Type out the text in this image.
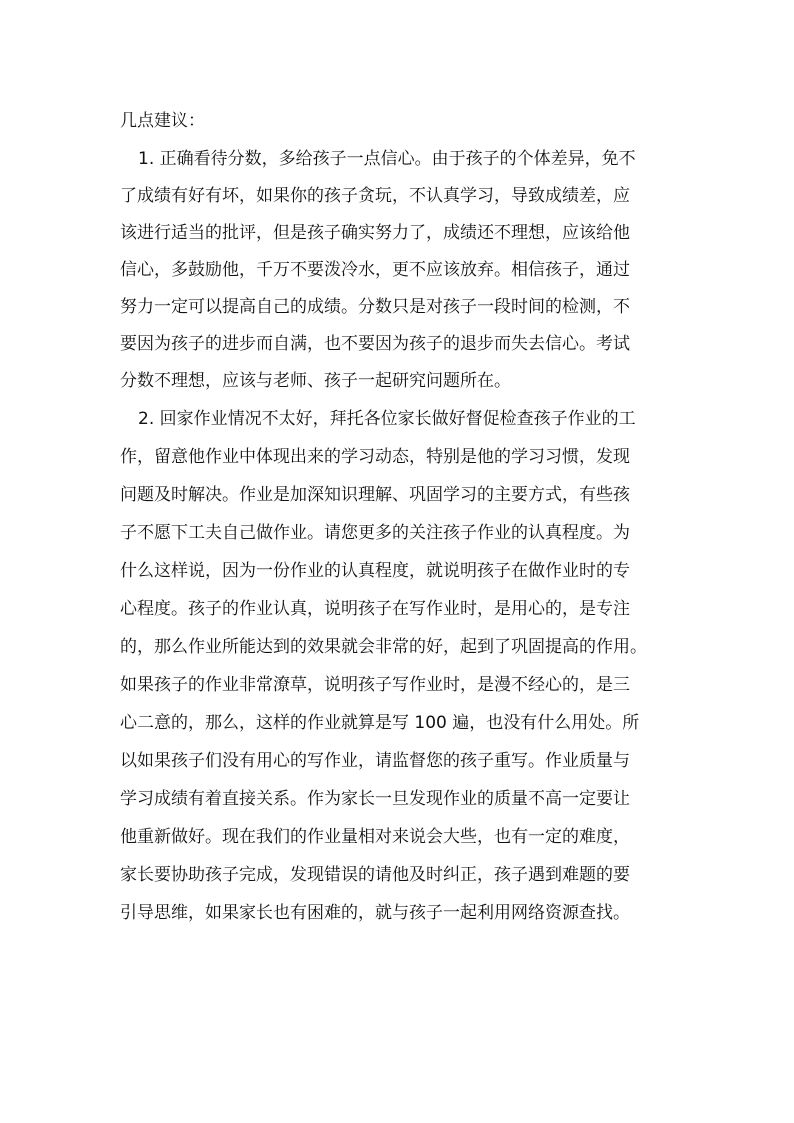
几点建议：
1. 正确看待分数，多给孩子一点信心。由于孩子的个体差异，免不
了成绩有好有坏，如果你的孩子贪玩，不认真学习，导致成绩差，应
该进行适当的批评，但是孩子确实努力了，成绩还不理想，应该给他
信心，多鼓励他，千万不要泼冷水，更不应该放弃。相信孩子，通过
努力一定可以提高自己的成绩。分数只是对孩子一段时间的检测，不
要因为孩子的进步而自满，也不要因为孩子的退步而失去信心。考试
分数不理想，应该与老师、孩子一起研究问题所在。
2. 回家作业情况不太好，拜托各位家长做好督促检查孩子作业的工
作，留意他作业中体现出来的学习动态，特别是他的学习习惯，发现
问题及时解决。作业是加深知识理解、巩固学习的主要方式，有些孩
子不愿下工夫自己做作业。请您更多的关注孩子作业的认真程度。为
什么这样说，因为一份作业的认真程度，就说明孩子在做作业时的专
心程度。孩子的作业认真，说明孩子在写作业时，是用心的，是专注
的，那么作业所能达到的效果就会非常的好，起到了巩固提高的作用。
如果孩子的作业非常潦草，说明孩子写作业时，是漫不经心的，是三
心二意的，那么，这样的作业就算是写 100 遍，也没有什么用处。所
以如果孩子们没有用心的写作业，请监督您的孩子重写。作业质量与
学习成绩有着直接关系。作为家长一旦发现作业的质量不高一定要让
他重新做好。现在我们的作业量相对来说会大些，也有一定的难度，
家长要协助孩子完成，发现错误的请他及时纠正，孩子遇到难题的要
引导思维，如果家长也有困难的，就与孩子一起利用网络资源查找。
